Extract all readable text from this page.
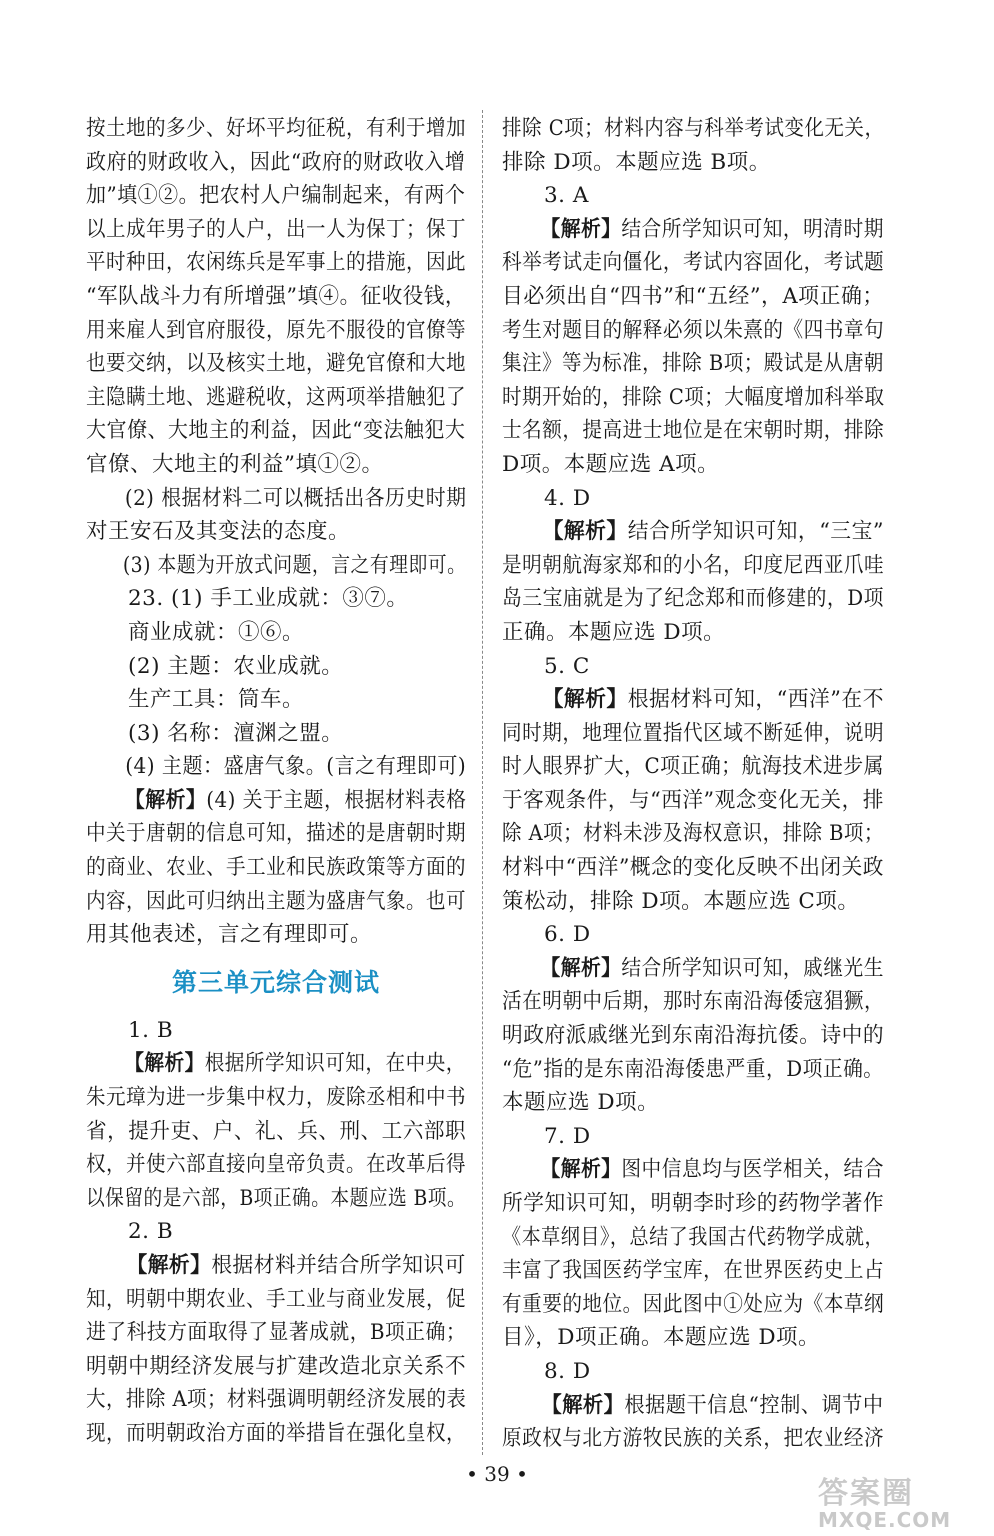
按土地的多少、好坏平均征税，有利于增加
政府的财政收入，因此“政府的财政收入增
加”填①②。把农村人户编制起来，有两个
以上成年男子的人户，出一人为保丁；保丁
平时种田，农闲练兵是军事上的措施，因此
“军队战斗力有所增强”填④。征收役钱，
用来雇人到官府服役，原先不服役的官僚等
也要交纳，以及核实土地，避免官僚和大地
主隐瞒土地、逃避税收，这两项举措触犯了
大官僚、大地主的利益，因此“变法触犯大
官僚、大地主的利益”填①②。
(2) 根据材料二可以概括出各历史时期
对王安石及其变法的态度。
(3) 本题为开放式问题，言之有理即可。
23. (1) 手工业成就：③⑦。
商业成就：①⑥。
(2) 主题：农业成就。
生产工具：筒车。
(3) 名称：澶渊之盟。
(4) 主题：盛唐气象。(言之有理即可)
【解析】(4) 关于主题，根据材料表格
中关于唐朝的信息可知，描述的是唐朝时期
的商业、农业、手工业和民族政策等方面的
内容，因此可归纳出主题为盛唐气象。也可
用其他表述，言之有理即可。
第三单元综合测试
1. B
【解析】根据所学知识可知，在中央，
朱元璋为进一步集中权力，废除丞相和中书
省，提升吏、户、礼、兵、刑、工六部职
权，并使六部直接向皇帝负责。在改革后得
以保留的是六部，B项正确。本题应选 B项。
2. B
【解析】根据材料并结合所学知识可
知，明朝中期农业、手工业与商业发展，促
进了科技方面取得了显著成就，B项正确；
明朝中期经济发展与扩建改造北京关系不
大，排除 A项；材料强调明朝经济发展的表
现，而明朝政治方面的举措旨在强化皇权，
排除 C项；材料内容与科举考试变化无关，
排除 D项。本题应选 B项。
3. A
【解析】结合所学知识可知，明清时期
科举考试走向僵化，考试内容固化，考试题
目必须出自“四书”和“五经”，A项正确；
考生对题目的解释必须以朱熹的《四书章句
集注》等为标准，排除 B项；殿试是从唐朝
时期开始的，排除 C项；大幅度增加科举取
士名额，提高进士地位是在宋朝时期，排除
D项。本题应选 A项。
4. D
【解析】结合所学知识可知，“三宝”
是明朝航海家郑和的小名，印度尼西亚爪哇
岛三宝庙就是为了纪念郑和而修建的，D项
正确。本题应选 D项。
5. C
【解析】根据材料可知，“西洋”在不
同时期，地理位置指代区域不断延伸，说明
时人眼界扩大，C项正确；航海技术进步属
于客观条件，与“西洋”观念变化无关，排
除 A项；材料未涉及海权意识，排除 B项；
材料中“西洋”概念的变化反映不出闭关政
策松动，排除 D项。本题应选 C项。
6. D
【解析】结合所学知识可知，戚继光生
活在明朝中后期，那时东南沿海倭寇猖獗，
明政府派戚继光到东南沿海抗倭。诗中的
“危”指的是东南沿海倭患严重，D项正确。
本题应选 D项。
7. D
【解析】图中信息均与医学相关，结合
所学知识可知，明朝李时珍的药物学著作
《本草纲目》，总结了我国古代药物学成就，
丰富了我国医药学宝库，在世界医药史上占
有重要的地位。因此图中①处应为《本草纲
目》，D项正确。本题应选 D项。
8. D
【解析】根据题干信息“控制、调节中
原政权与北方游牧民族的关系，把农业经济
• 39 •
答案圈
MXQE.COM
